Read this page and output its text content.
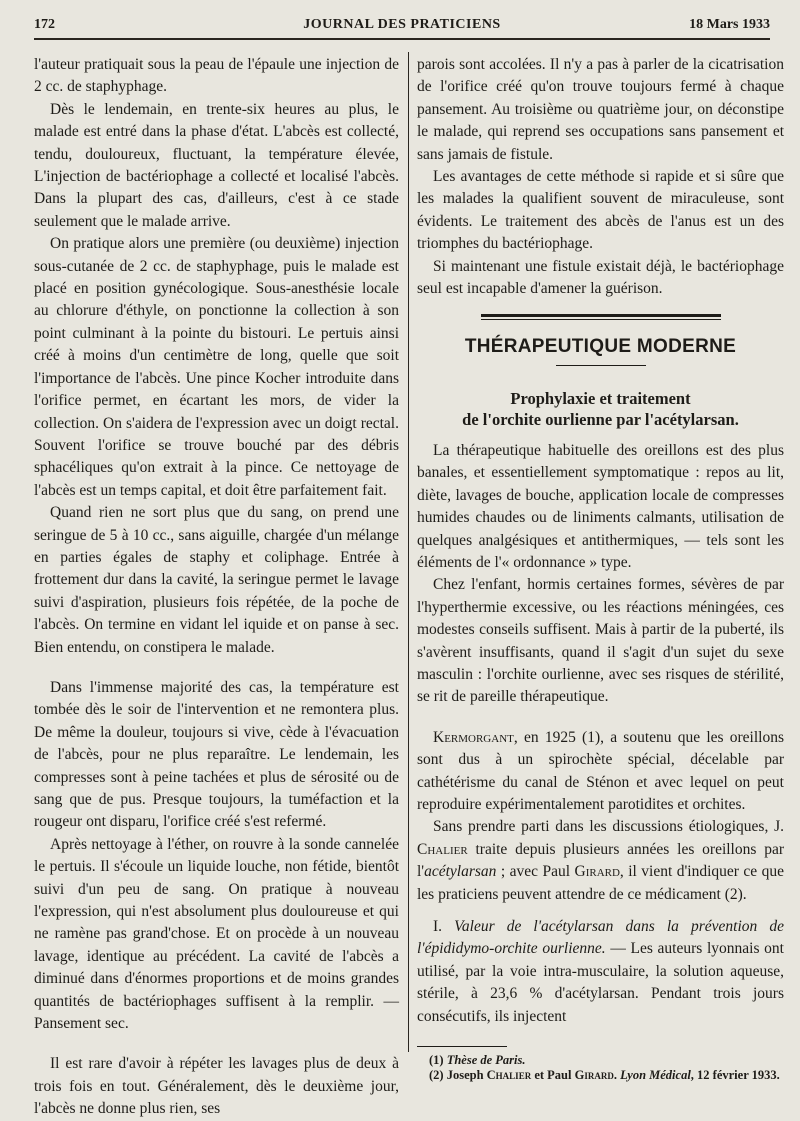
172	JOURNAL DES PRATICIENS	18 Mars 1933

l'auteur pratiquait sous la peau de l'épaule une injection de 2 cc. de staphyphage.

Dès le lendemain, en trente-six heures au plus, le malade est entré dans la phase d'état. L'abcès est collecté, tendu, douloureux, fluctuant, la température élevée, L'injection de bactériophage a collecté et localisé l'abcès. Dans la plupart des cas, d'ailleurs, c'est à ce stade seulement que le malade arrive.

On pratique alors une première (ou deuxième) injection sous-cutanée de 2 cc. de staphyphage, puis le malade est placé en position gynécologique. Sous-anesthésie locale au chlorure d'éthyle, on ponctionne la collection à son point culminant à la pointe du bistouri. Le pertuis ainsi créé à moins d'un centimètre de long, quelle que soit l'importance de l'abcès. Une pince Kocher introduite dans l'orifice permet, en écartant les mors, de vider la collection. On s'aidera de l'expression avec un doigt rectal. Souvent l'orifice se trouve bouché par des débris sphacéliques qu'on extrait à la pince. Ce nettoyage de l'abcès est un temps capital, et doit être parfaitement fait.

Quand rien ne sort plus que du sang, on prend une seringue de 5 à 10 cc., sans aiguille, chargée d'un mélange en parties égales de staphy et coliphage. Entrée à frottement dur dans la cavité, la seringue permet le lavage suivi d'aspiration, plusieurs fois répétée, de la poche de l'abcès. On termine en vidant lel iquide et on panse à sec. Bien entendu, on constipera le malade.

Dans l'immense majorité des cas, la température est tombée dès le soir de l'intervention et ne remontera plus. De même la douleur, toujours si vive, cède à l'évacuation de l'abcès, pour ne plus reparaître. Le lendemain, les compresses sont à peine tachées et plus de sérosité ou de sang que de pus. Presque toujours, la tuméfaction et la rougeur ont disparu, l'orifice créé s'est refermé.

Après nettoyage à l'éther, on rouvre à la sonde cannelée le pertuis. Il s'écoule un liquide louche, non fétide, bientôt suivi d'un peu de sang. On pratique à nouveau l'expression, qui n'est absolument plus douloureuse et qui ne ramène pas grand'chose. Et on procède à un nouveau lavage, identique au précédent. La cavité de l'abcès a diminué dans d'énormes proportions et de moins grandes quantités de bactériophages suffisent à la remplir. — Pansement sec.

Il est rare d'avoir à répéter les lavages plus de deux à trois fois en tout. Généralement, dès le deuxième jour, l'abcès ne donne plus rien, ses

parois sont accolées. Il n'y a pas à parler de la cicatrisation de l'orifice créé qu'on trouve toujours fermé à chaque pansement. Au troisième ou quatrième jour, on déconstipe le malade, qui reprend ses occupations sans pansement et sans jamais de fistule.

Les avantages de cette méthode si rapide et si sûre que les malades la qualifient souvent de miraculeuse, sont évidents. Le traitement des abcès de l'anus est un des triomphes du bactériophage.

Si maintenant une fistule existait déjà, le bactériophage seul est incapable d'amener la guérison.

THÉRAPEUTIQUE MODERNE
Prophylaxie et traitement
de l'orchite ourlienne par l'acétylarsan.

La thérapeutique habituelle des oreillons est des plus banales, et essentiellement symptomatique : repos au lit, diète, lavages de bouche, application locale de compresses humides chaudes ou de liniments calmants, utilisation de quelques analgésiques et antithermiques, — tels sont les éléments de l'« ordonnance » type.

Chez l'enfant, hormis certaines formes, sévères de par l'hyperthermie excessive, ou les réactions méningées, ces modestes conseils suffisent. Mais à partir de la puberté, ils s'avèrent insuffisants, quand il s'agit d'un sujet du sexe masculin : l'orchite ourlienne, avec ses risques de stérilité, se rit de pareille thérapeutique.

Kermorgant, en 1925 (1), a soutenu que les oreillons sont dus à un spirochète spécial, décelable par cathétérisme du canal de Sténon et avec lequel on peut reproduire expérimentalement parotidites et orchites.

Sans prendre parti dans les discussions étiologiques, J. Chalier traite depuis plusieurs années les oreillons par l'acétylarsan ; avec Paul Girard, il vient d'indiquer ce que les praticiens peuvent attendre de ce médicament (2).

I. Valeur de l'acétylarsan dans la prévention de l'épididymo-orchite ourlienne. — Les auteurs lyonnais ont utilisé, par la voie intra-musculaire, la solution aqueuse, stérile, à 23,6 % d'acétylarsan. Pendant trois jours consécutifs, ils injectent

(1) Thèse de Paris.

(2) Joseph Chalier et Paul Girard. Lyon Médical, 12 février 1933.
